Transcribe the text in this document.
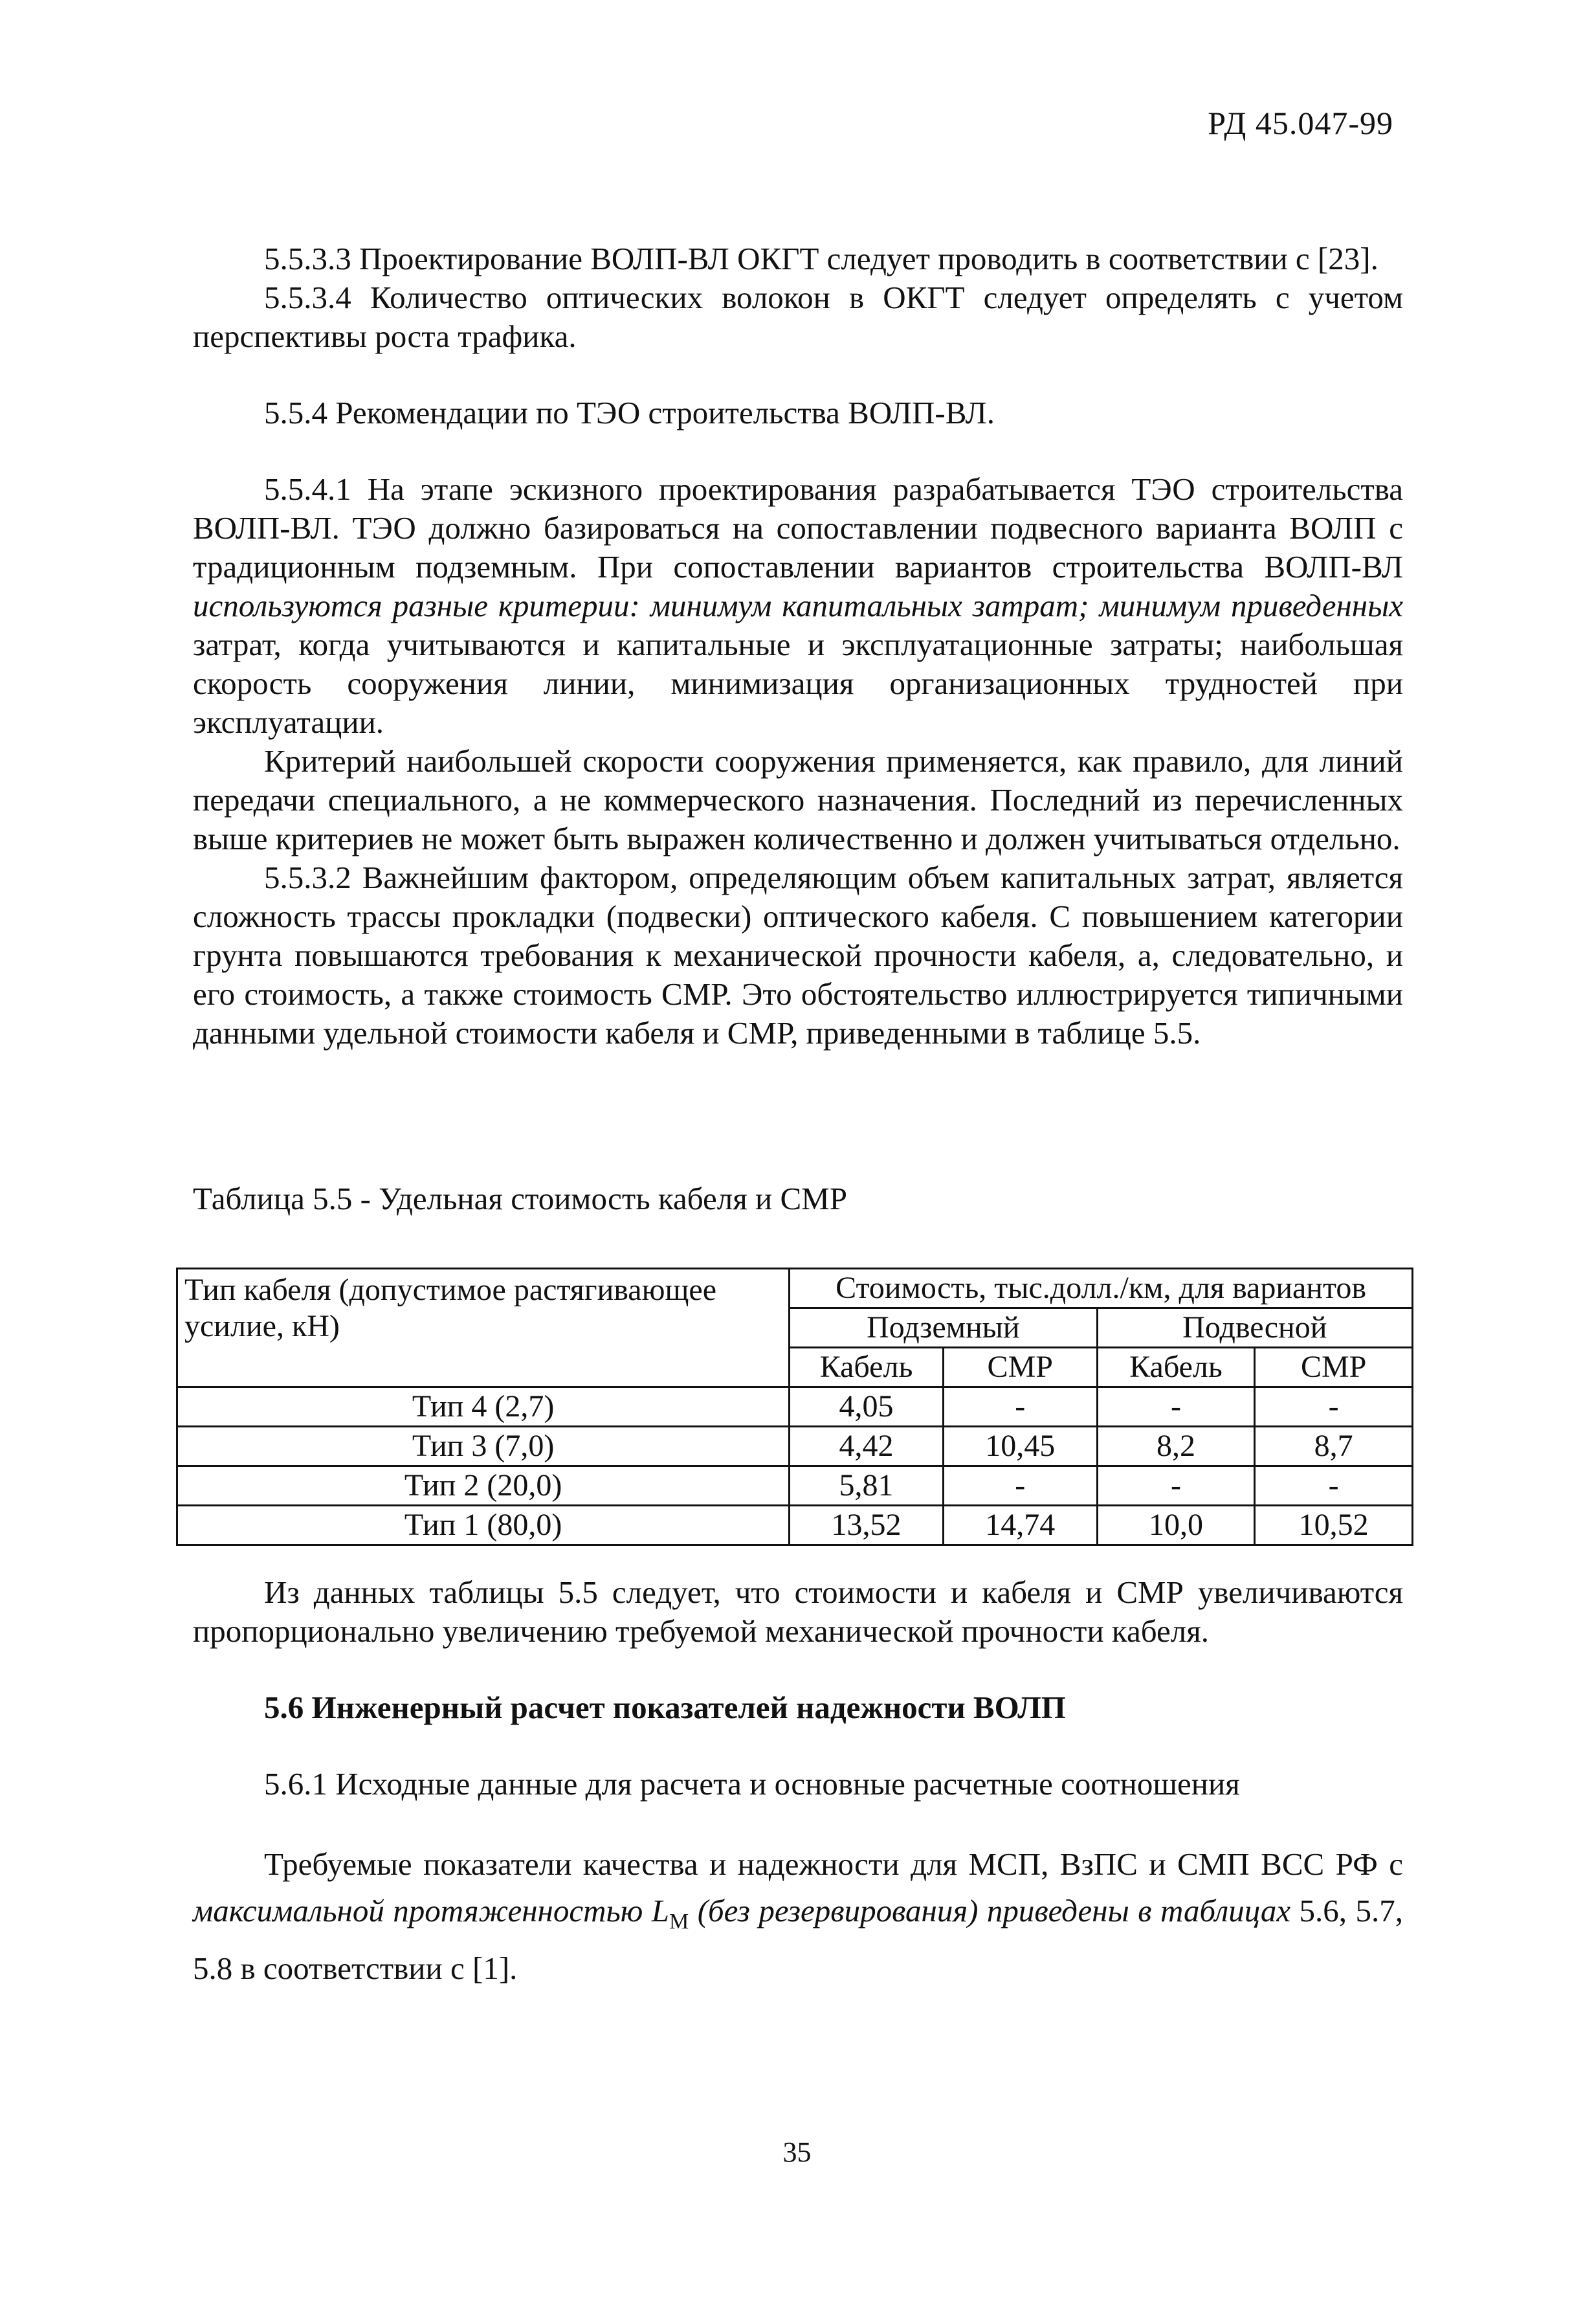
РД 45.047-99

5.5.3.3 Проектирование ВОЛП-ВЛ ОКГТ следует проводить в соответствии с [23].

5.5.3.4 Количество оптических волокон в ОКГТ следует определять с учетом перспективы роста трафика.

5.5.4 Рекомендации по ТЭО строительства ВОЛП-ВЛ.

5.5.4.1 На этапе эскизного проектирования разрабатывается ТЭО строительства ВОЛП-ВЛ. ТЭО должно базироваться на сопоставлении подвесного варианта ВОЛП с традиционным подземным. При сопоставлении вариантов строительства ВОЛП-ВЛ используются разные критерии: минимум капитальных затрат; минимум приведенных затрат, когда учитываются и капитальные и эксплуатационные затраты; наибольшая скорость сооружения линии, минимизация организационных трудностей при эксплуатации.

Критерий наибольшей скорости сооружения применяется, как правило, для линий передачи специального, а не коммерческого назначения. Последний из перечисленных выше критериев не может быть выражен количественно и должен учитываться отдельно.

5.5.3.2 Важнейшим фактором, определяющим объем капитальных затрат, является сложность трассы прокладки (подвески) оптического кабеля. С повышением категории грунта повышаются требования к механической прочности кабеля, а, следовательно, и его стоимость, а также стоимость СМР. Это обстоятельство иллюстрируется типичными данными удельной стоимости кабеля и СМР, приведенными в таблице 5.5.

Таблица 5.5 - Удельная стоимость кабеля и СМР
Тип кабеля (допустимое растягивающее усилие, кН)	Стоимость, тыс.долл./км, для вариантов			
	Подземный		Подвесной	
	Кабель	СМР	Кабель	СМР
Тип 4 (2,7)	4,05	-	-	-
Тип 3 (7,0)	4,42	10,45	8,2	8,7
Тип 2 (20,0)	5,81	-	-	-
Тип 1 (80,0)	13,52	14,74	10,0	10,52

Из данных таблицы 5.5 следует, что стоимости и кабеля и СМР увеличиваются пропорционально увеличению требуемой механической прочности кабеля.

5.6 Инженерный расчет показателей надежности ВОЛП

5.6.1 Исходные данные для расчета и основные расчетные соотношения

Требуемые показатели качества и надежности для МСП, ВзПС и СМП ВСС РФ с максимальной протяженностью $L_М$ (без резервирования) приведены в таблицах 5.6, 5.7, 5.8 в соответствии с [1].

35
